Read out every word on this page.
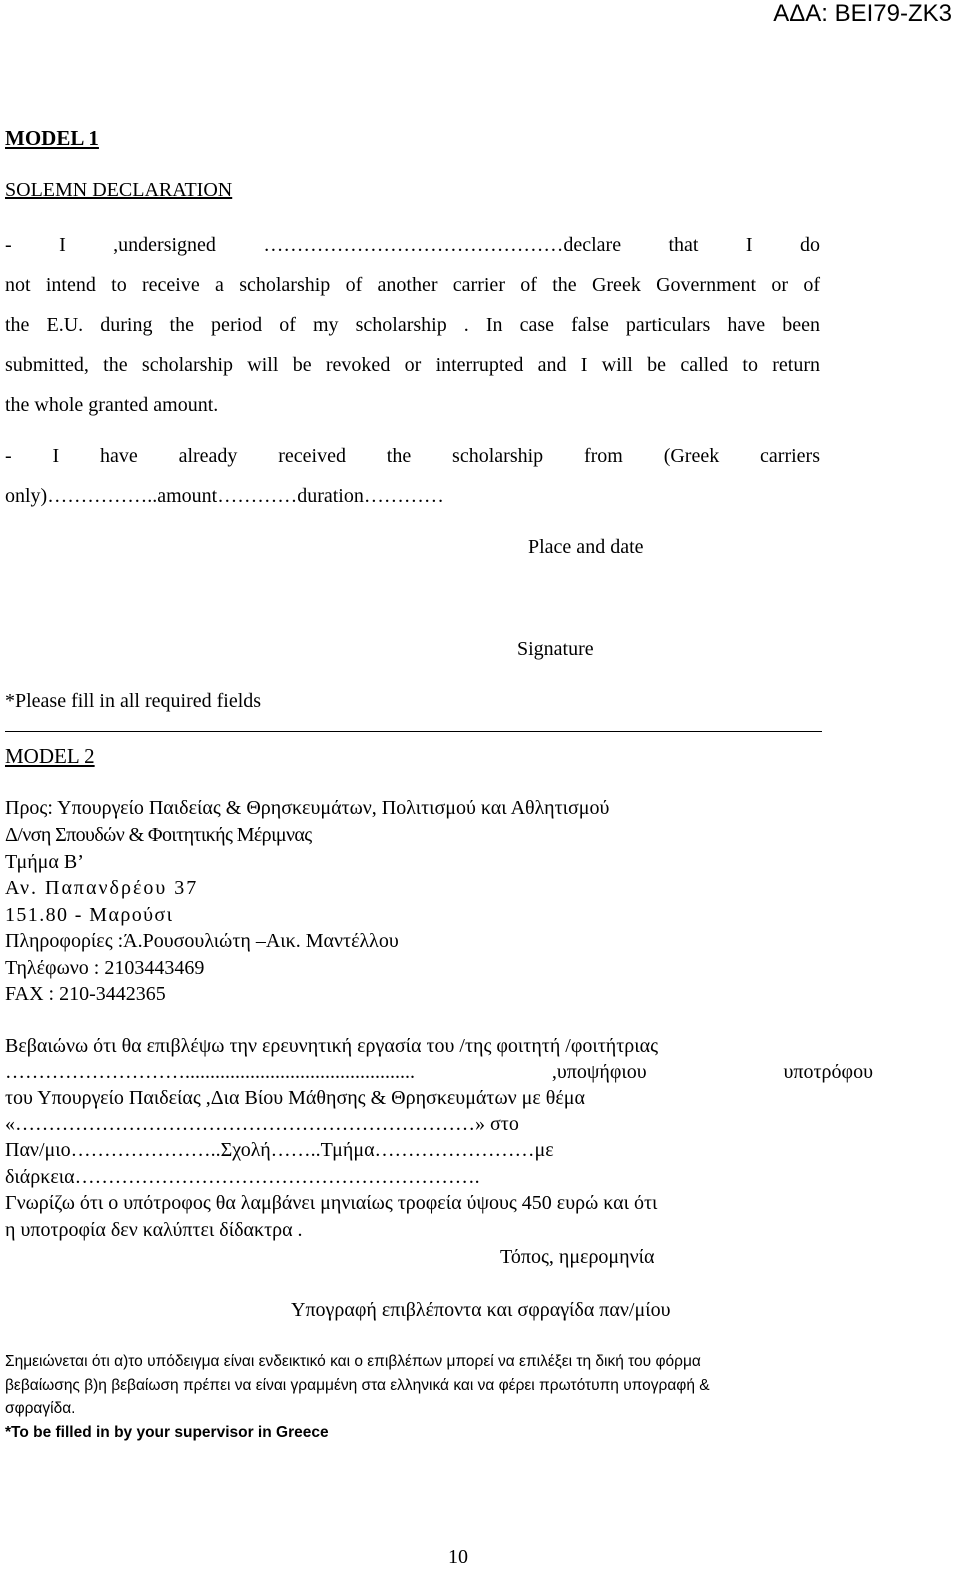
ΑΔΑ: ΒΕΙ79-ΖΚ3
MODEL 1
SOLEMN DECLARATION
- I ,undersigned ………………………………………declare that I do
not intend to receive a scholarship of another carrier of the Greek Government or of
the E.U. during the period of my scholarship . In case false particulars have been
submitted, the scholarship will be revoked or interrupted and I will be called to return
the whole granted amount.
- I have already received the scholarship from (Greek carriers
only)……………..amount…………duration…………
Place and date
Signature
*Please fill in all required fields
MODEL 2
Προς: Υπουργείο Παιδείας & Θρησκευμάτων, Πολιτισμού και Αθλητισμού
Δ/νση Σπουδών & Φοιτητικής Μέριμνας
Τμήμα Β’
Αν. Παπανδρέου 37
151.80 - Μαρούσι
Πληροφορίες :Ά.Ρουσουλιώτη –Αικ. Μαντέλλου
Τηλέφωνο : 2103443469
FAX : 210-3442365
Βεβαιώνω ότι θα επιβλέψω την ερευνητική εργασία του /της φοιτητή /φοιτήτριας
……………………….............................................. ,υποψήφιου υποτρόφου
του Υπουργείο Παιδείας ,Δια Βίου Μάθησης & Θρησκευμάτων με θέμα
«……………………………………………………………» στο
Παν/μιο…………………..Σχολή……..Τμήμα……………………με
διάρκεια…………………………………………………….
Γνωρίζω ότι ο υπότροφος θα λαμβάνει μηνιαίως τροφεία ύψους 450 ευρώ και ότι
η υποτροφία δεν καλύπτει δίδακτρα .
Τόπος, ημερομηνία
Υπογραφή επιβλέποντα και σφραγίδα παν/μίου
Σημειώνεται ότι α)το υπόδειγμα είναι ενδεικτικό και ο επιβλέπων μπορεί να επιλέξει τη δική του φόρμα
βεβαίωσης β)η βεβαίωση πρέπει να είναι γραμμένη στα ελληνικά και να φέρει πρωτότυπη υπογραφή &
σφραγίδα.
*To be filled in by your supervisor in Greece
10
